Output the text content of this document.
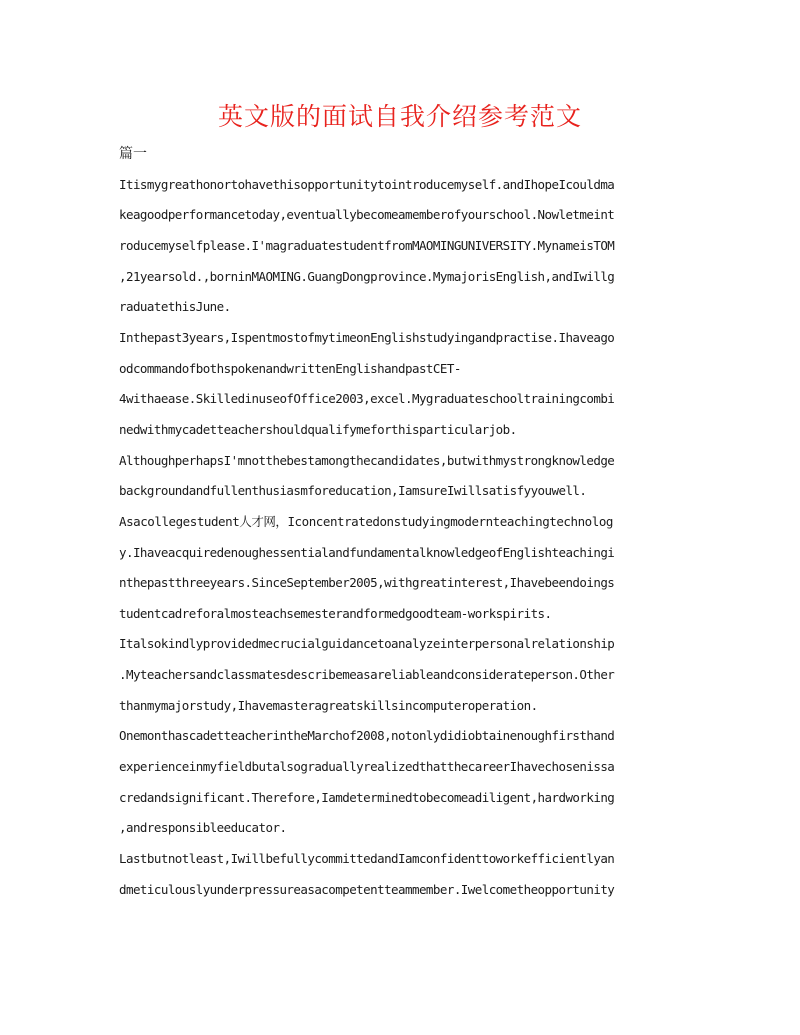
英文版的面试自我介绍参考范文
篇一
Itismygreathonortohavethisopportunitytointroducemyself.andIhopeIcouldma
keagoodperformancetoday,eventuallybecomeamemberofyourschool.Nowletmeint
roducemyselfplease.I'magraduatestudentfromMAOMINGUNIVERSITY.MynameisTOM
,21yearsold.,borninMAOMING.GuangDongprovince.MymajorisEnglish,andIwillg
raduatethisJune.
Inthepast3years,IspentmostofmytimeonEnglishstudyingandpractise.Ihaveago
odcommandofbothspokenandwrittenEnglishandpastCET-
4withaease.SkilledinuseofOffice2003,excel.Mygraduateschooltrainingcombi
nedwithmycadetteachershouldqualifymeforthisparticularjob.
AlthoughperhapsI'mnotthebestamongthecandidates,butwithmystrongknowledge
backgroundandfullenthusiasmforeducation,IamsureIwillsatisfyyouwell.
Asacollegestudent人才网，Iconcentratedonstudyingmodernteachingtechnolog
y.IhaveacquiredenoughessentialandfundamentalknowledgeofEnglishteachingi
nthepastthreeyears.SinceSeptember2005,withgreatinterest,Ihavebeendoings
tudentcadreforalmosteachsemesterandformedgoodteam-workspirits.
Italsokindlyprovidedmecrucialguidancetoanalyzeinterpersonalrelationship
.Myteachersandclassmatesdescribemeasareliableandconsiderateperson.Other
thanmymajorstudy,Ihavemasteragreatskillsincomputeroperation.
OnemonthascadetteacherintheMarchof2008,notonlydidiobtainenoughfirsthand
experienceinmyfieldbutalsograduallyrealizedthatthecareerIhavechosenissa
credandsignificant.Therefore,Iamdeterminedtobecomeadiligent,hardworking
,andresponsibleeducator.
Lastbutnotleast,IwillbefullycommittedandIamconfidenttoworkefficientlyan
dmeticulouslyunderpressureasacompetentteammember.Iwelcometheopportunity
